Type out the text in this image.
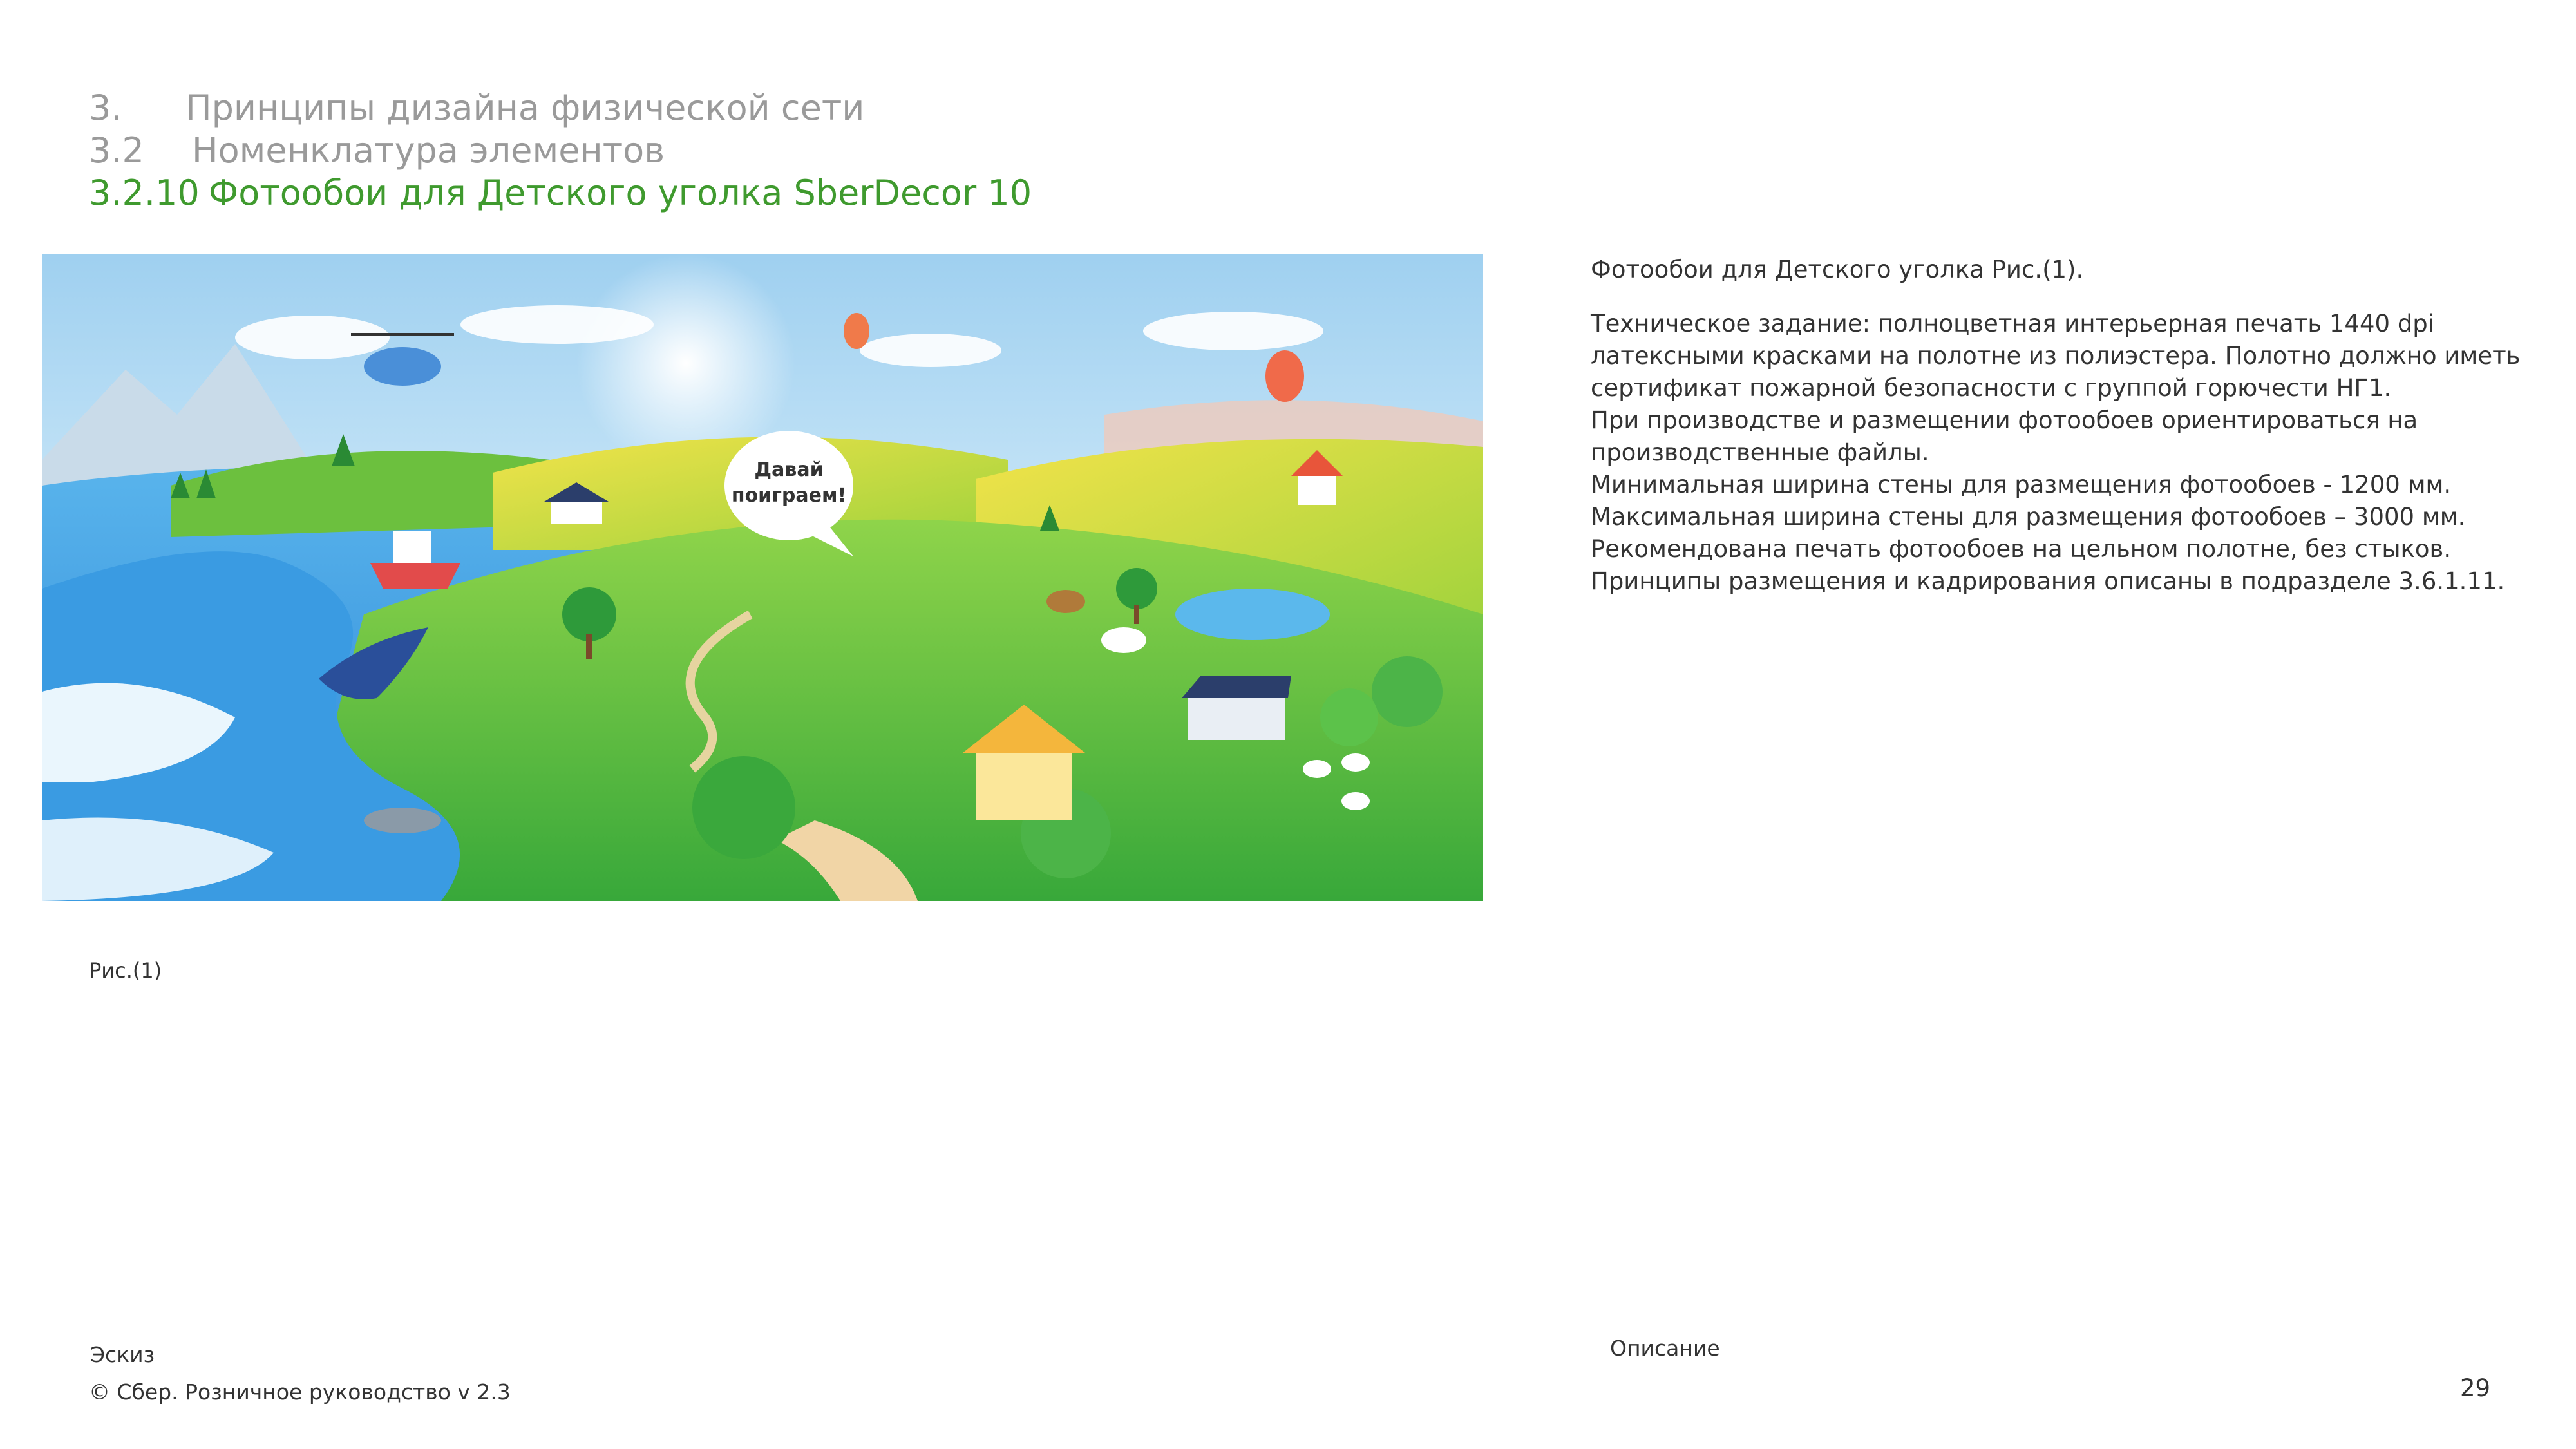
3. Принципы дизайна физической сети
3.2 Номенклатура элементов
3.2.10 Фотообои для Детского уголка SberDecor 10
Давай
поиграем!
Фотообои для Детского уголка Рис.(1).

Техническое задание: полноцветная интерьерная печать 1440 dpi латексными красками на полотне из полиэстера. Полотно должно иметь сертификат пожарной безопасности с группой горючести НГ1.

При производстве и размещении фотообоев ориентироваться на производственные файлы.

Минимальная ширина стены для размещения фотообоев - 1200 мм.

Максимальная ширина стены для размещения фотообоев – 3000 мм.

Рекомендована печать фотообоев на цельном полотне, без стыков.

Принципы размещения и кадрирования описаны в подразделе 3.6.1.11.

Рис.(1)
Эскиз	Описание
© Сбер. Розничное руководство v 2.3	29
